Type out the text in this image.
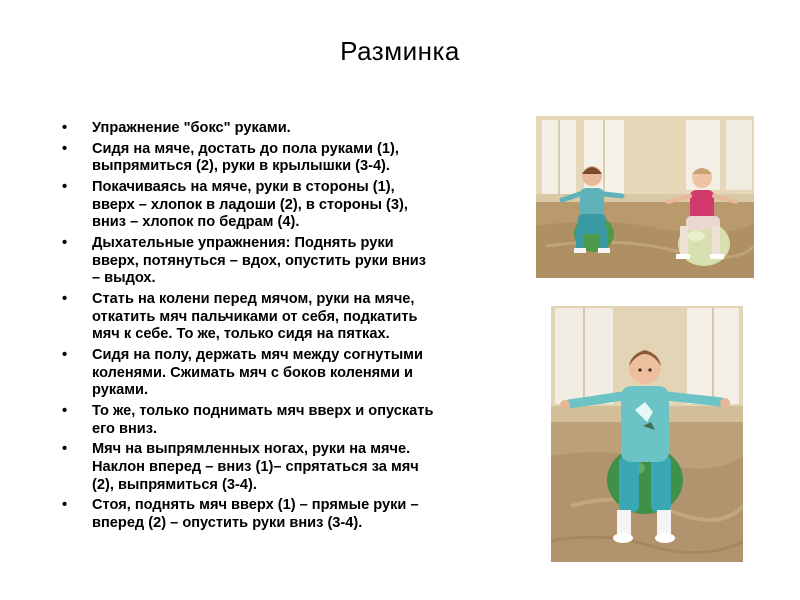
Разминка
• Упражнение "бокс" руками.
• Сидя на мяче, достать до пола руками (1),
выпрямиться (2), руки в крылышки (3-4).
• Покачиваясь на мяче, руки в стороны (1),
вверх – хлопок в ладоши (2), в стороны (3),
вниз – хлопок по бедрам (4).
• Дыхательные упражнения: Поднять руки
вверх, потянуться – вдох, опустить руки вниз
– выдох.
• Стать на колени перед мячом, руки на мяче,
откатить мяч пальчиками от себя, подкатить
мяч к себе. То же, только сидя на пятках.
• Сидя на полу, держать мяч между согнутыми
коленями. Сжимать мяч с боков коленями и
руками.
• То же, только поднимать мяч вверх и опускать
его вниз.
• Мяч на выпрямленных ногах, руки на мяче.
Наклон вперед – вниз (1)– спрятаться за мяч
(2), выпрямиться (3-4).
• Стоя, поднять мяч вверх (1) – прямые руки –
вперед (2) – опустить руки вниз (3-4).
